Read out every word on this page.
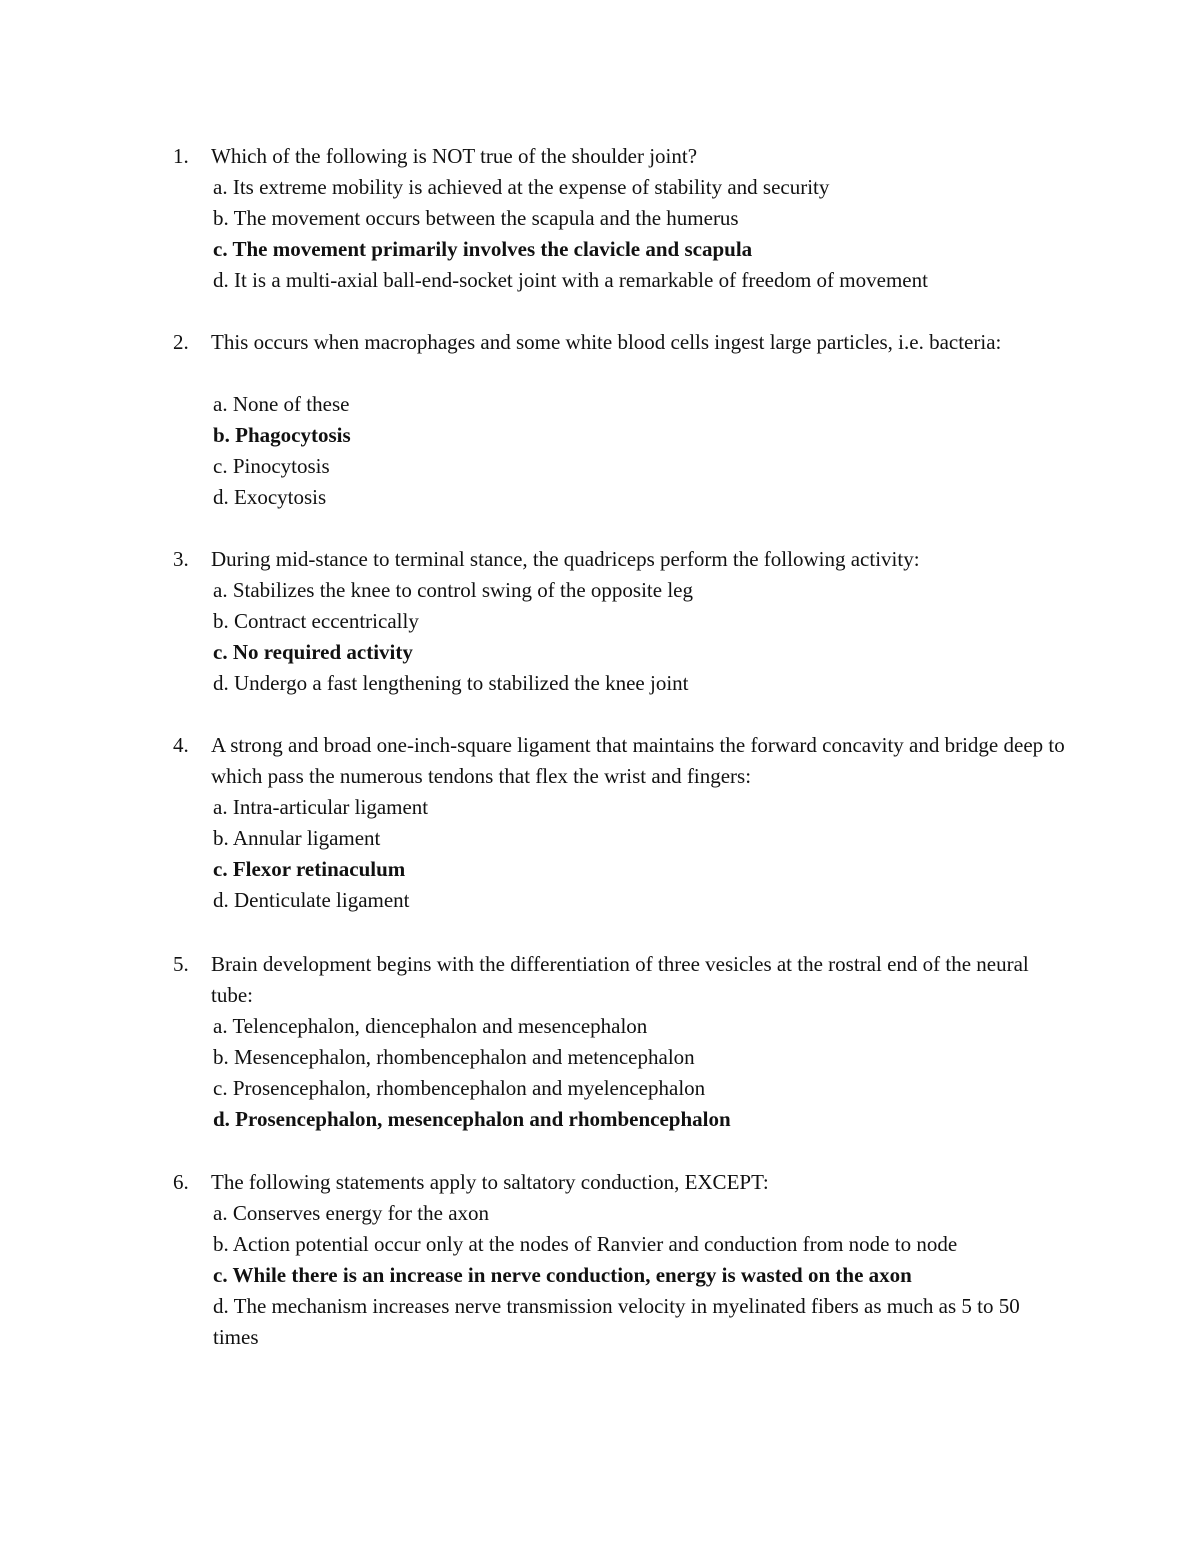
1.	Which of the following is NOT true of the shoulder joint?
a. Its extreme mobility is achieved at the expense of stability and security
b. The movement occurs between the scapula and the humerus
c. The movement primarily involves the clavicle and scapula
d. It is a multi-axial ball-end-socket joint with a remarkable of freedom of movement
2.	This occurs when macrophages and some white blood cells ingest large particles, i.e. bacteria:
a. None of these
b. Phagocytosis
c. Pinocytosis
d. Exocytosis
3.	During mid-stance to terminal stance, the quadriceps perform the following activity:
a. Stabilizes the knee to control swing of the opposite leg
b. Contract eccentrically
c. No required activity
d. Undergo a fast lengthening to stabilized the knee joint
4.	A strong and broad one-inch-square ligament that maintains the forward concavity and bridge deep to which pass the numerous tendons that flex the wrist and fingers:
a. Intra-articular ligament
b. Annular ligament
c. Flexor retinaculum
d. Denticulate ligament
5.	Brain development begins with the differentiation of three vesicles at the rostral end of the neural tube:
a. Telencephalon, diencephalon and mesencephalon
b. Mesencephalon, rhombencephalon and metencephalon
c. Prosencephalon, rhombencephalon and myelencephalon
d. Prosencephalon, mesencephalon and rhombencephalon
6.	The following statements apply to saltatory conduction, EXCEPT:
a. Conserves energy for the axon
b. Action potential occur only at the nodes of Ranvier and conduction from node to node
c. While there is an increase in nerve conduction, energy is wasted on the axon
d. The mechanism increases nerve transmission velocity in myelinated fibers as much as 5 to 50 times
